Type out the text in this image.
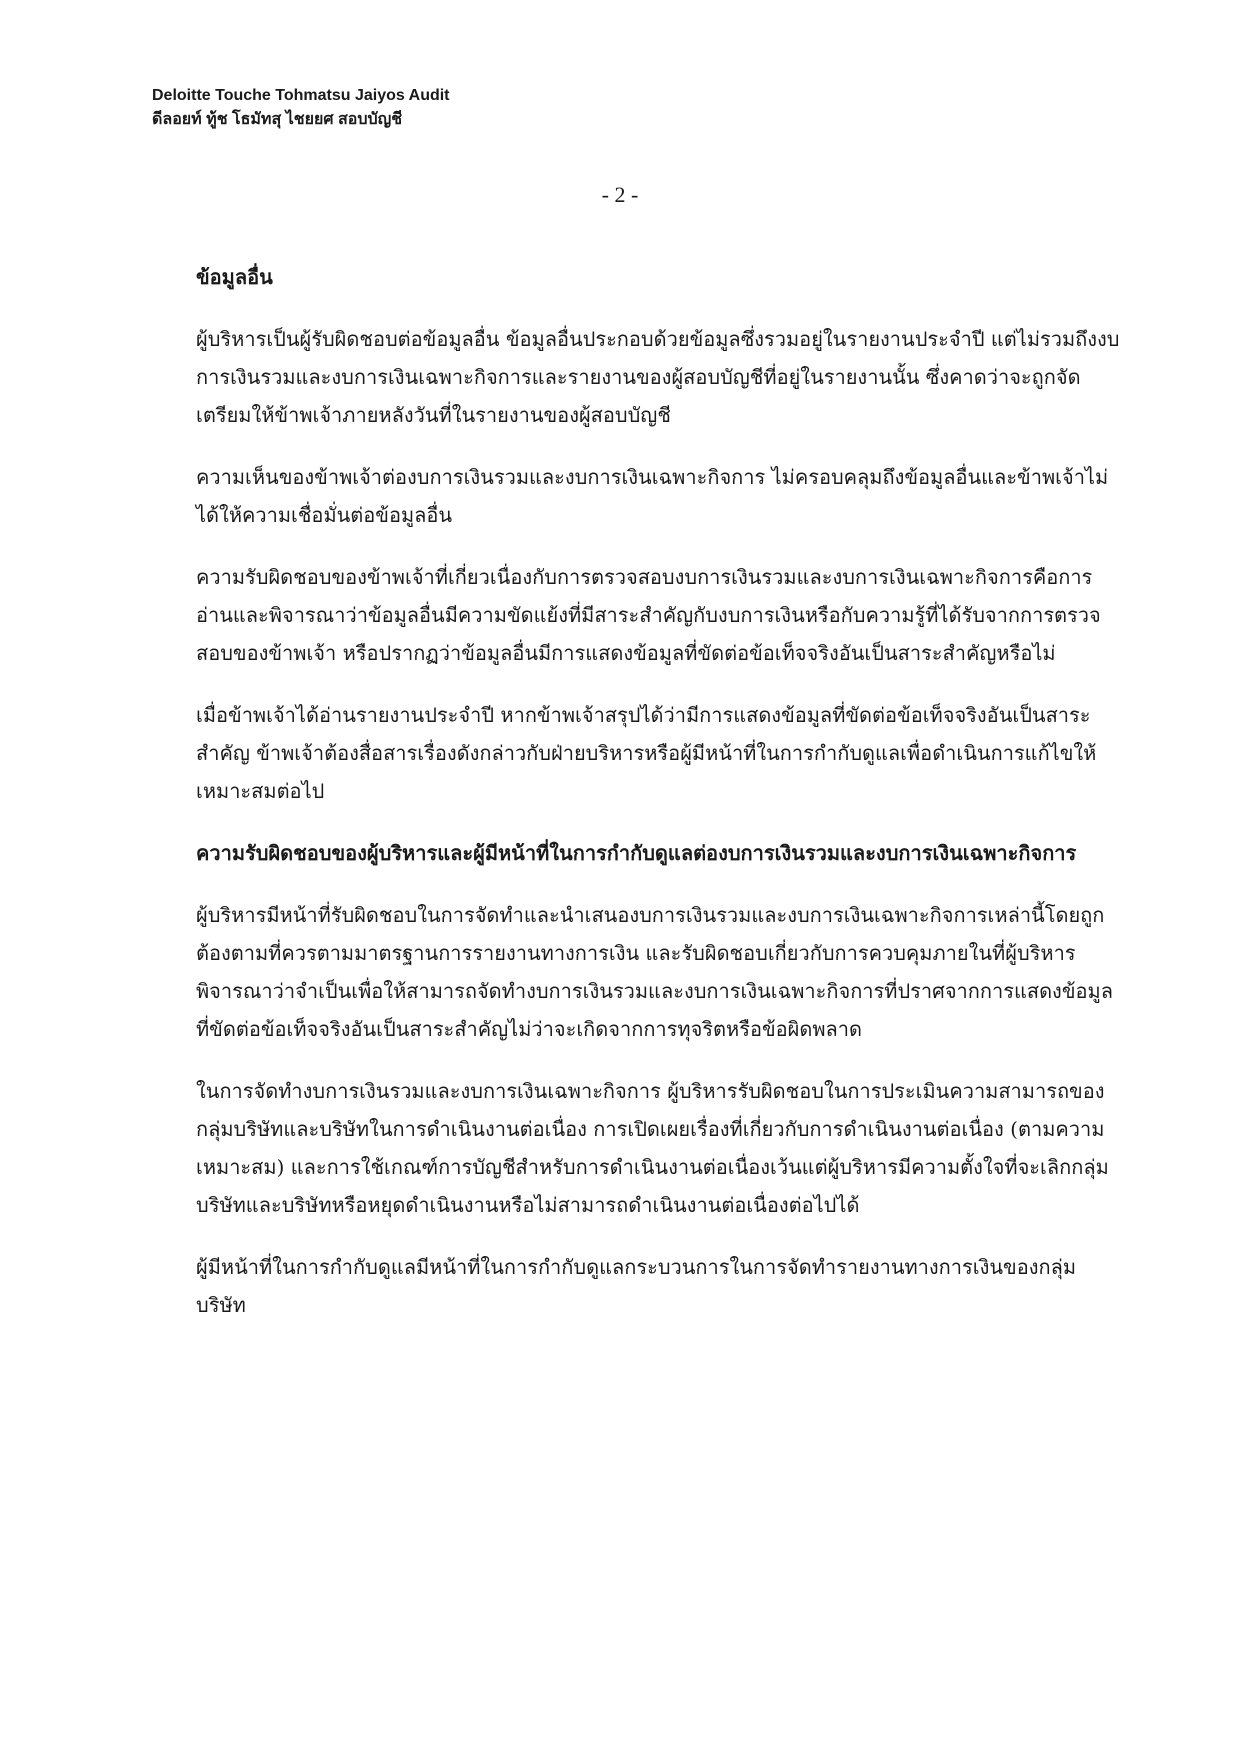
Deloitte Touche Tohmatsu Jaiyos Audit
ดีลอยท์ ทู้ช โธมัทสุ ไชยยศ สอบบัญชี
- 2 -

ข้อมูลอื่น

ผู้บริหารเป็นผู้รับผิดชอบต่อข้อมูลอื่น ข้อมูลอื่นประกอบด้วยข้อมูลซึ่งรวมอยู่ในรายงานประจำปี แต่ไม่รวมถึงงบการเงินรวมและงบการเงินเฉพาะกิจการและรายงานของผู้สอบบัญชีที่อยู่ในรายงานนั้น ซึ่งคาดว่าจะถูกจัดเตรียมให้ข้าพเจ้าภายหลังวันที่ในรายงานของผู้สอบบัญชี

ความเห็นของข้าพเจ้าต่องบการเงินรวมและงบการเงินเฉพาะกิจการ ไม่ครอบคลุมถึงข้อมูลอื่นและข้าพเจ้าไม่ได้ให้ความเชื่อมั่นต่อข้อมูลอื่น

ความรับผิดชอบของข้าพเจ้าที่เกี่ยวเนื่องกับการตรวจสอบงบการเงินรวมและงบการเงินเฉพาะกิจการคือการอ่านและพิจารณาว่าข้อมูลอื่นมีความขัดแย้งที่มีสาระสำคัญกับงบการเงินหรือกับความรู้ที่ได้รับจากการตรวจสอบของข้าพเจ้า หรือปรากฏว่าข้อมูลอื่นมีการแสดงข้อมูลที่ขัดต่อข้อเท็จจริงอันเป็นสาระสำคัญหรือไม่

เมื่อข้าพเจ้าได้อ่านรายงานประจำปี หากข้าพเจ้าสรุปได้ว่ามีการแสดงข้อมูลที่ขัดต่อข้อเท็จจริงอันเป็นสาระสำคัญ ข้าพเจ้าต้องสื่อสารเรื่องดังกล่าวกับฝ่ายบริหารหรือผู้มีหน้าที่ในการกำกับดูแลเพื่อดำเนินการแก้ไขให้เหมาะสมต่อไป

ความรับผิดชอบของผู้บริหารและผู้มีหน้าที่ในการกำกับดูแลต่องบการเงินรวมและงบการเงินเฉพาะกิจการ

ผู้บริหารมีหน้าที่รับผิดชอบในการจัดทำและนำเสนองบการเงินรวมและงบการเงินเฉพาะกิจการเหล่านี้โดยถูกต้องตามที่ควรตามมาตรฐานการรายงานทางการเงิน และรับผิดชอบเกี่ยวกับการควบคุมภายในที่ผู้บริหารพิจารณาว่าจำเป็นเพื่อให้สามารถจัดทำงบการเงินรวมและงบการเงินเฉพาะกิจการที่ปราศจากการแสดงข้อมูลที่ขัดต่อข้อเท็จจริงอันเป็นสาระสำคัญไม่ว่าจะเกิดจากการทุจริตหรือข้อผิดพลาด

ในการจัดทำงบการเงินรวมและงบการเงินเฉพาะกิจการ ผู้บริหารรับผิดชอบในการประเมินความสามารถของกลุ่มบริษัทและบริษัทในการดำเนินงานต่อเนื่อง การเปิดเผยเรื่องที่เกี่ยวกับการดำเนินงานต่อเนื่อง (ตามความเหมาะสม) และการใช้เกณฑ์การบัญชีสำหรับการดำเนินงานต่อเนื่องเว้นแต่ผู้บริหารมีความตั้งใจที่จะเลิกกลุ่มบริษัทและบริษัทหรือหยุดดำเนินงานหรือไม่สามารถดำเนินงานต่อเนื่องต่อไปได้

ผู้มีหน้าที่ในการกำกับดูแลมีหน้าที่ในการกำกับดูแลกระบวนการในการจัดทำรายงานทางการเงินของกลุ่มบริษัท
